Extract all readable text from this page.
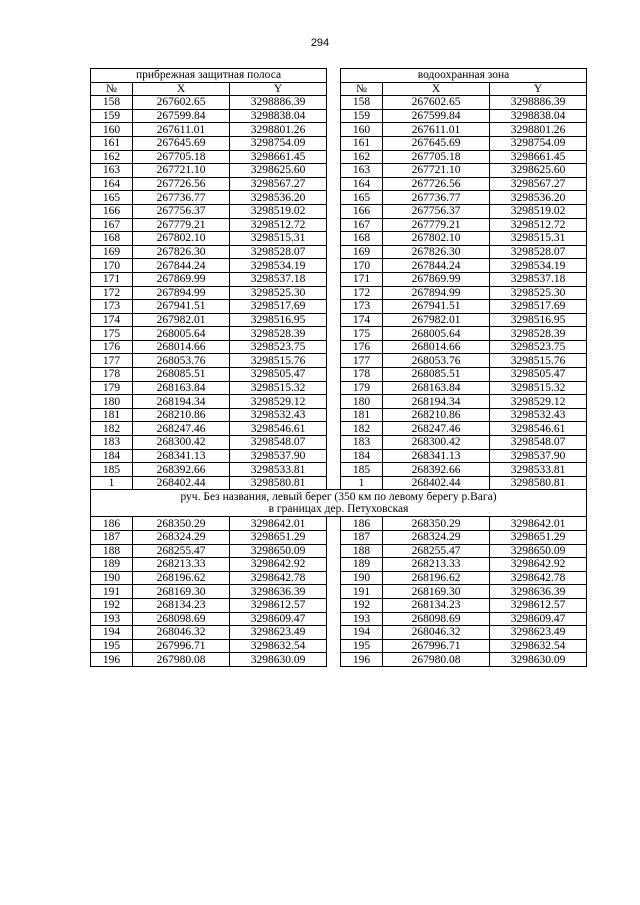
294
прибрежная защитная полоса				водоохранная зона		
№	X	Y		№	X	Y
158	267602.65	3298886.39		158	267602.65	3298886.39
159	267599.84	3298838.04		159	267599.84	3298838.04
160	267611.01	3298801.26		160	267611.01	3298801.26
161	267645.69	3298754.09		161	267645.69	3298754.09
162	267705.18	3298661.45		162	267705.18	3298661.45
163	267721.10	3298625.60		163	267721.10	3298625.60
164	267726.56	3298567.27		164	267726.56	3298567.27
165	267736.77	3298536.20		165	267736.77	3298536.20
166	267756.37	3298519.02		166	267756.37	3298519.02
167	267779.21	3298512.72		167	267779.21	3298512.72
168	267802.10	3298515.31		168	267802.10	3298515.31
169	267826.30	3298528.07		169	267826.30	3298528.07
170	267844.24	3298534.19		170	267844.24	3298534.19
171	267869.99	3298537.18		171	267869.99	3298537.18
172	267894.99	3298525.30		172	267894.99	3298525.30
173	267941.51	3298517.69		173	267941.51	3298517.69
174	267982.01	3298516.95		174	267982.01	3298516.95
175	268005.64	3298528.39		175	268005.64	3298528.39
176	268014.66	3298523.75		176	268014.66	3298523.75
177	268053.76	3298515.76		177	268053.76	3298515.76
178	268085.51	3298505.47		178	268085.51	3298505.47
179	268163.84	3298515.32		179	268163.84	3298515.32
180	268194.34	3298529.12		180	268194.34	3298529.12
181	268210.86	3298532.43		181	268210.86	3298532.43
182	268247.46	3298546.61		182	268247.46	3298546.61
183	268300.42	3298548.07		183	268300.42	3298548.07
184	268341.13	3298537.90		184	268341.13	3298537.90
185	268392.66	3298533.81		185	268392.66	3298533.81
1	268402.44	3298580.81		1	268402.44	3298580.81
руч. Без названия, левый берег (350 км по левому берегу р.Вага)
в границах дер. Петуховская						
186	268350.29	3298642.01		186	268350.29	3298642.01
187	268324.29	3298651.29		187	268324.29	3298651.29
188	268255.47	3298650.09		188	268255.47	3298650.09
189	268213.33	3298642.92		189	268213.33	3298642.92
190	268196.62	3298642.78		190	268196.62	3298642.78
191	268169.30	3298636.39		191	268169.30	3298636.39
192	268134.23	3298612.57		192	268134.23	3298612.57
193	268098.69	3298609.47		193	268098.69	3298609.47
194	268046.32	3298623.49		194	268046.32	3298623.49
195	267996.71	3298632.54		195	267996.71	3298632.54
196	267980.08	3298630.09		196	267980.08	3298630.09
